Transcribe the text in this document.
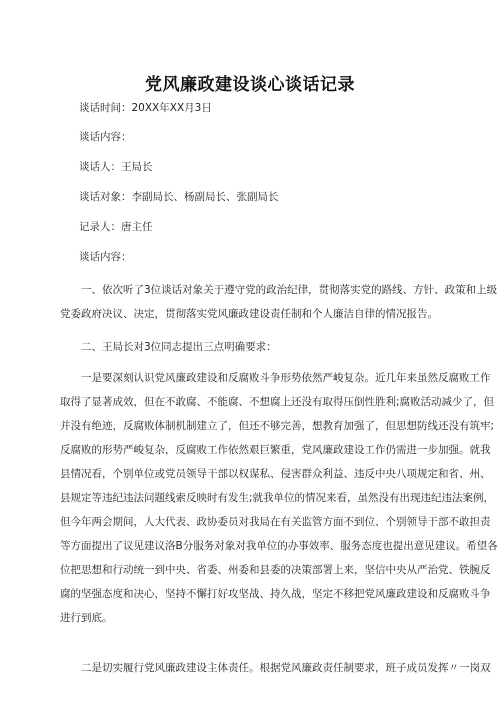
党风廉政建设谈心谈话记录
谈话时间：20XX年XX月3日
谈话内容：
谈话人：王局长
谈话对象：李副局长、杨副局长、张副局长
记录人：唐主任
谈话内容：
一、依次听了3位谈话对象关于遵守党的政治纪律，贯彻落实党的路线、方针、政策和上级
党委政府决议、决定，贯彻落实党风廉政建设责任制和个人廉洁自律的情况报告。
二、王局长对3位同志提出三点明确要求：
一是要深刻认识党风廉政建设和反腐败斗争形势依然严峻复杂。近几年来虽然反腐败工作
取得了显著成效，但在不敢腐、不能腐、不想腐上还没有取得压倒性胜利;腐败活动减少了，但
并没有绝迹，反腐败体制机制建立了，但还不够完善，想教育加强了，但思想防线还没有筑牢;
反腐败的形势严峻复杂，反腐败工作依然艰巨繁重，党风廉政建设工作仍需进一步加强。就我
县情况看，个别单位或党员领导干部以权谋私、侵害群众利益、违反中央八项规定和省、州、
县规定等违纪违法问题线索反映时有发生;就我单位的情况来看，虽然没有出现违纪违法案例，
但今年两会期间，人大代表、政协委员对我局在有关监管方面不到位、个别领导干部不敢担责
等方面提出了议见建议洛B分服务对象对我单位的办事效率、服务态度也提出意见建议。希望各
位把思想和行动统一到中央、省委、州委和县委的决策部署上来，坚信中央从严治党、铁腕反
腐的坚强态度和决心，坚持不懈打好攻坚战、持久战，坚定不移把党风廉政建设和反腐败斗争
进行到底。
二是切实履行党风廉政建设主体责任。根据党风廉政责任制要求，班子成员发挥〃一岗双
